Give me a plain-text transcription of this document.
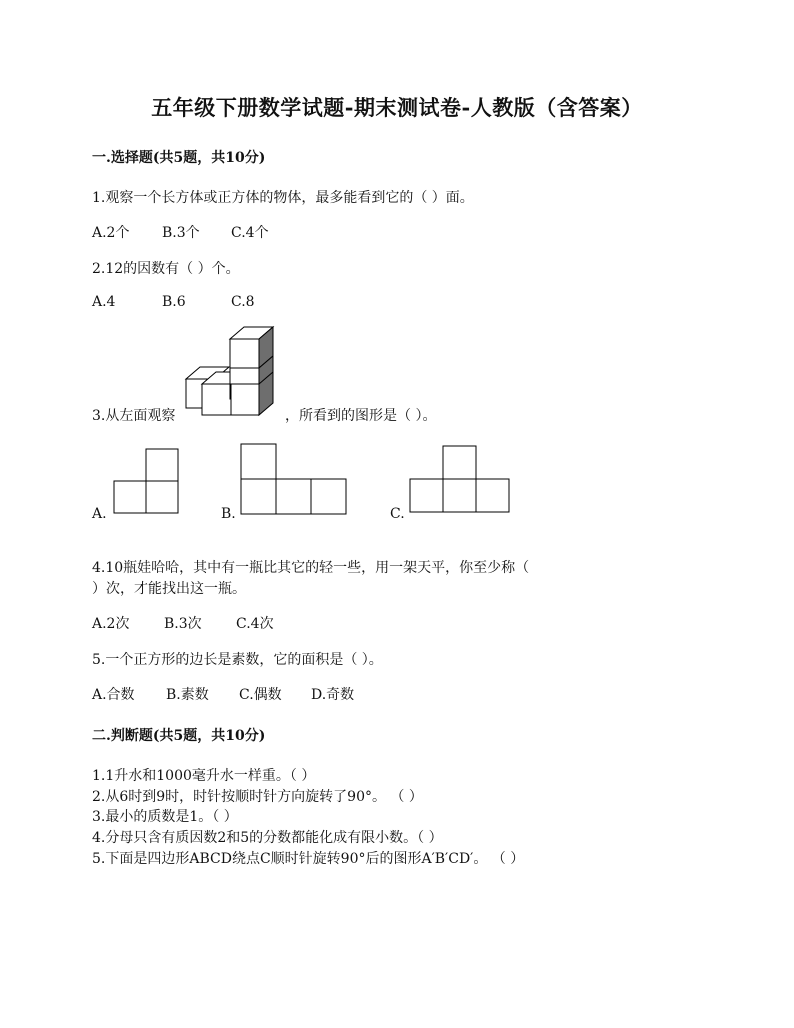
五年级下册数学试题-期末测试卷-人教版（含答案）
一.选择题(共5题，共10分)
1.观察一个长方体或正方体的物体，最多能看到它的（ ）面。
A.2个 B.3个 C.4个
2.12的因数有（ ）个。
A.4	B.6	C.8
3.从左面观察	，所看到的图形是（ ）。
A.	B.	C.
4.10瓶娃哈哈，其中有一瓶比其它的轻一些，用一架天平，你至少称（
）次，才能找出这一瓶。
A.2次 B.3次 C.4次
5.一个正方形的边长是素数，它的面积是（ ）。
A.合数 B.素数 C.偶数 D.奇数
二.判断题(共5题，共10分)
1.1升水和1000毫升水一样重。（ ）
2.从6时到9时，时针按顺时针方向旋转了90°。 （ ）
3.最小的质数是1。（ ）
4.分母只含有质因数2和5的分数都能化成有限小数。（ ）
5.下面是四边形ABCD绕点C顺时针旋转90°后的图形A′B′CD′。 （ ）
